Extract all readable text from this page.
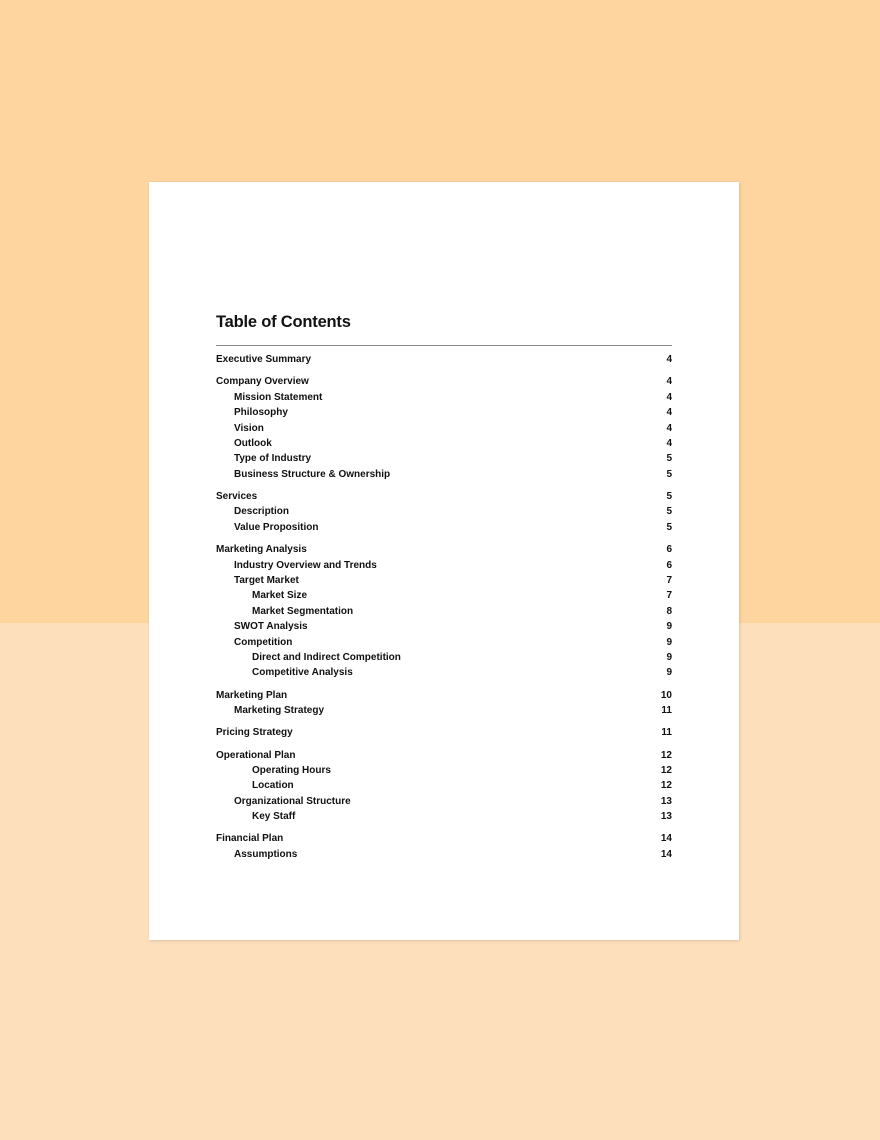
Table of Contents
Executive Summary	4
Company Overview	4
Mission Statement	4
Philosophy	4
Vision	4
Outlook	4
Type of Industry	5
Business Structure & Ownership	5
Services	5
Description	5
Value Proposition	5
Marketing Analysis	6
Industry Overview and Trends	6
Target Market	7
Market Size	7
Market Segmentation	8
SWOT Analysis	9
Competition	9
Direct and Indirect Competition	9
Competitive Analysis	9
Marketing Plan	10
Marketing Strategy	11
Pricing Strategy	11
Operational Plan	12
Operating Hours	12
Location	12
Organizational Structure	13
Key Staff	13
Financial Plan	14
Assumptions	14
